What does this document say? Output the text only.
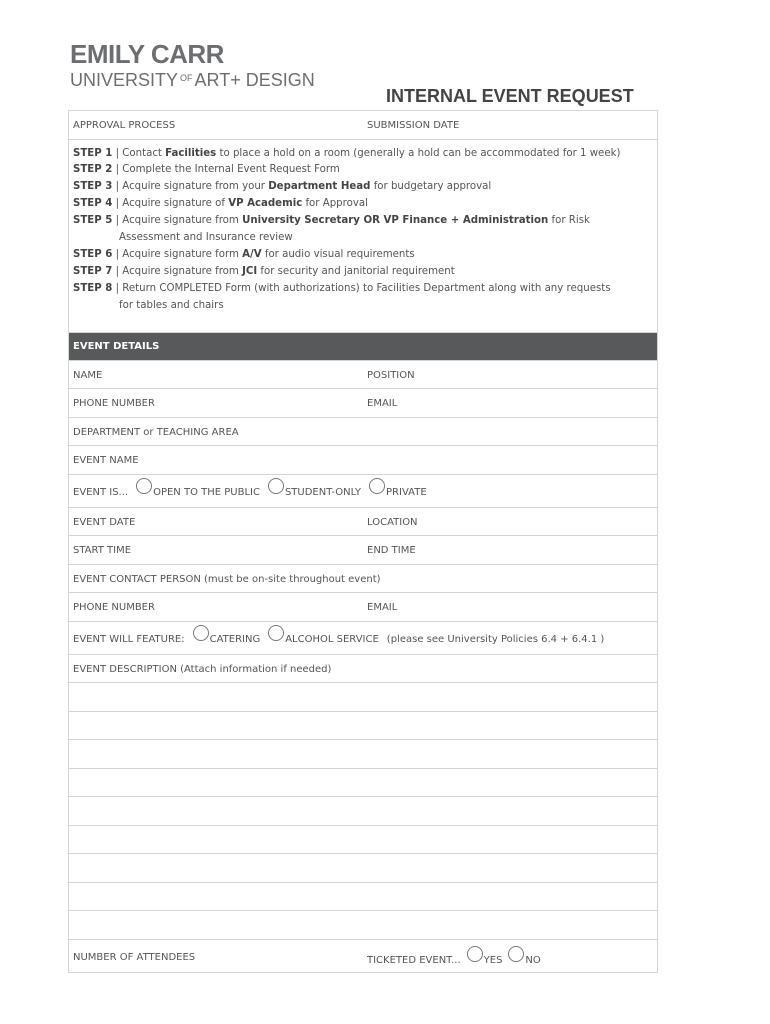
EMILY CARR
UNIVERSITY $^{OF}$ ART+ DESIGN
INTERNAL EVENT REQUEST
APPROVAL PROCESS	SUBMISSION DATE
STEP 1 | Contact Facilities to place a hold on a room (generally a hold can be accommodated for 1 week)
STEP 2 | Complete the Internal Event Request Form
STEP 3 | Acquire signature from your Department Head for budgetary approval
STEP 4 | Acquire signature of VP Academic for Approval
STEP 5 | Acquire signature from University Secretary OR VP Finance + Administration for Risk
Assessment and Insurance review
STEP 6 | Acquire signature form A/V for audio visual requirements
STEP 7 | Acquire signature from JCI for security and janitorial requirement
STEP 8 | Return COMPLETED Form (with authorizations) to Facilities Department along with any requests
for tables and chairs
EVENT DETAILS
NAME	POSITION
PHONE NUMBER	EMAIL
DEPARTMENT or TEACHING AREA
EVENT NAME
EVENT IS...	OPEN TO THE PUBLIC	STUDENT-ONLY	PRIVATE
EVENT DATE	LOCATION
START TIME	END TIME
EVENT CONTACT PERSON (must be on-site throughout event)
PHONE NUMBER	EMAIL
EVENT WILL FEATURE:	CATERING	ALCOHOL SERVICE (please see University Policies 6.4 + 6.4.1 )
EVENT DESCRIPTION (Attach information if needed)
NUMBER OF ATTENDEES	TICKETED EVENT... YES NO
